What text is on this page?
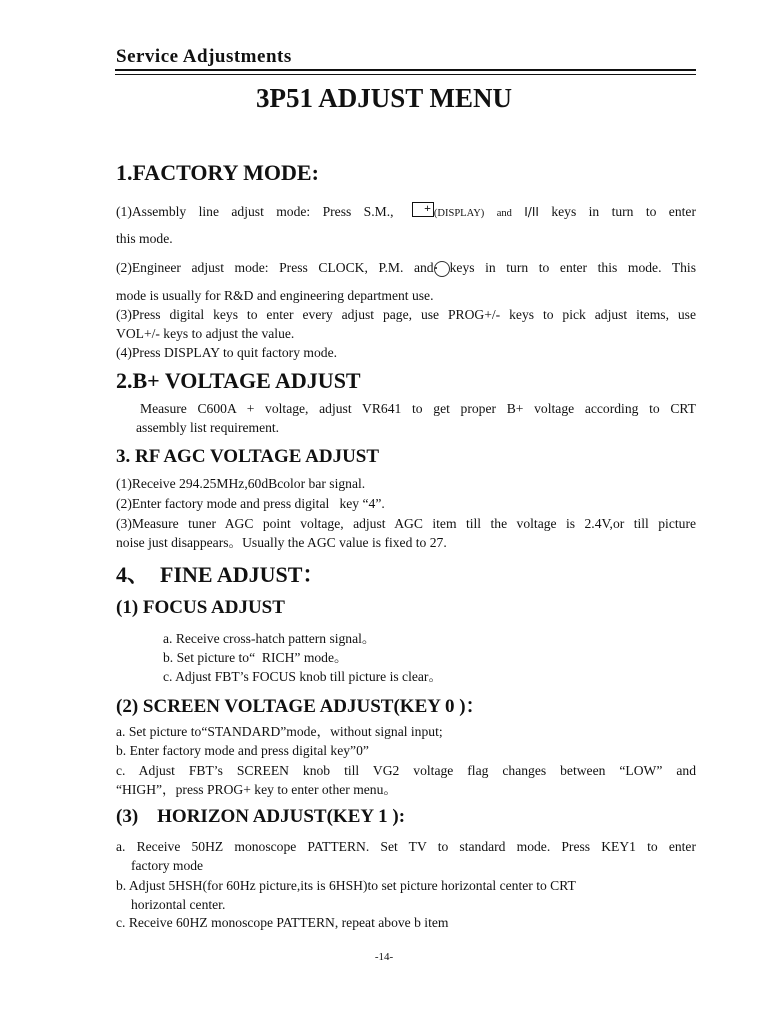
Service Adjustments
3P51 ADJUST MENU
1.FACTORY MODE:
(1)Assembly line adjust mode: Press S.M.,	+ (DISPLAY) and I/II keys in turn to enter
this mode.
(2)Engineer adjust mode: Press CLOCK, P.M. and• keys in turn to enter this mode. This
mode is usually for R&D and engineering department use.
(3)Press digital keys to enter every adjust page, use PROG+/- keys to pick adjust items, use
VOL+/- keys to adjust the value.
(4)Press DISPLAY to quit factory mode.
2.B+ VOLTAGE ADJUST
Measure C600A + voltage, adjust VR641 to get proper B+ voltage according to CRT
assembly list requirement.
3. RF AGC VOLTAGE ADJUST
(1)Receive 294.25MHz,60dBcolor bar signal.
(2)Enter factory mode and press digital   key “4”.
(3)Measure tuner AGC point voltage, adjust AGC item till the voltage is 2.4V,or till picture
noise just disappears。Usually the AGC value is fixed to 27.
4、  FINE ADJUST：
(1) FOCUS ADJUST
a. Receive cross-hatch pattern signal。
b. Set picture to“  RICH” mode。
c. Adjust FBT’s FOCUS knob till picture is clear。
(2) SCREEN VOLTAGE ADJUST(KEY 0 )：
a. Set picture to“STANDARD”mode，without signal input;
b. Enter factory mode and press digital key”0”
c. Adjust FBT’s SCREEN knob till VG2 voltage flag changes between “LOW” and
“HIGH”，press PROG+ key to enter other menu。
(3)    HORIZON ADJUST(KEY 1 ):
a. Receive 50HZ monoscope PATTERN. Set TV to standard mode. Press KEY1 to enter
factory mode
b. Adjust 5HSH(for 60Hz picture,its is 6HSH)to set picture horizontal center to CRT
horizontal center.
c. Receive 60HZ monoscope PATTERN, repeat above b item
-14-
